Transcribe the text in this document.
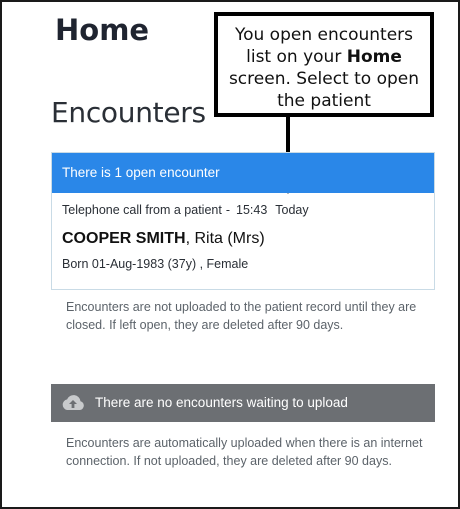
Home
Encounters
You open encounters
list on your Home
screen. Select to open
the patient
There is 1 open encounter
Telephone call from a patient - 15:43 Today
COOPER SMITH, Rita (Mrs)
Born 01-Aug-1983 (37y) , Female
Encounters are not uploaded to the patient record until they are closed. If left open, they are deleted after 90 days.
There are no encounters waiting to upload
Encounters are automatically uploaded when there is an internet connection. If not uploaded, they are deleted after 90 days.
